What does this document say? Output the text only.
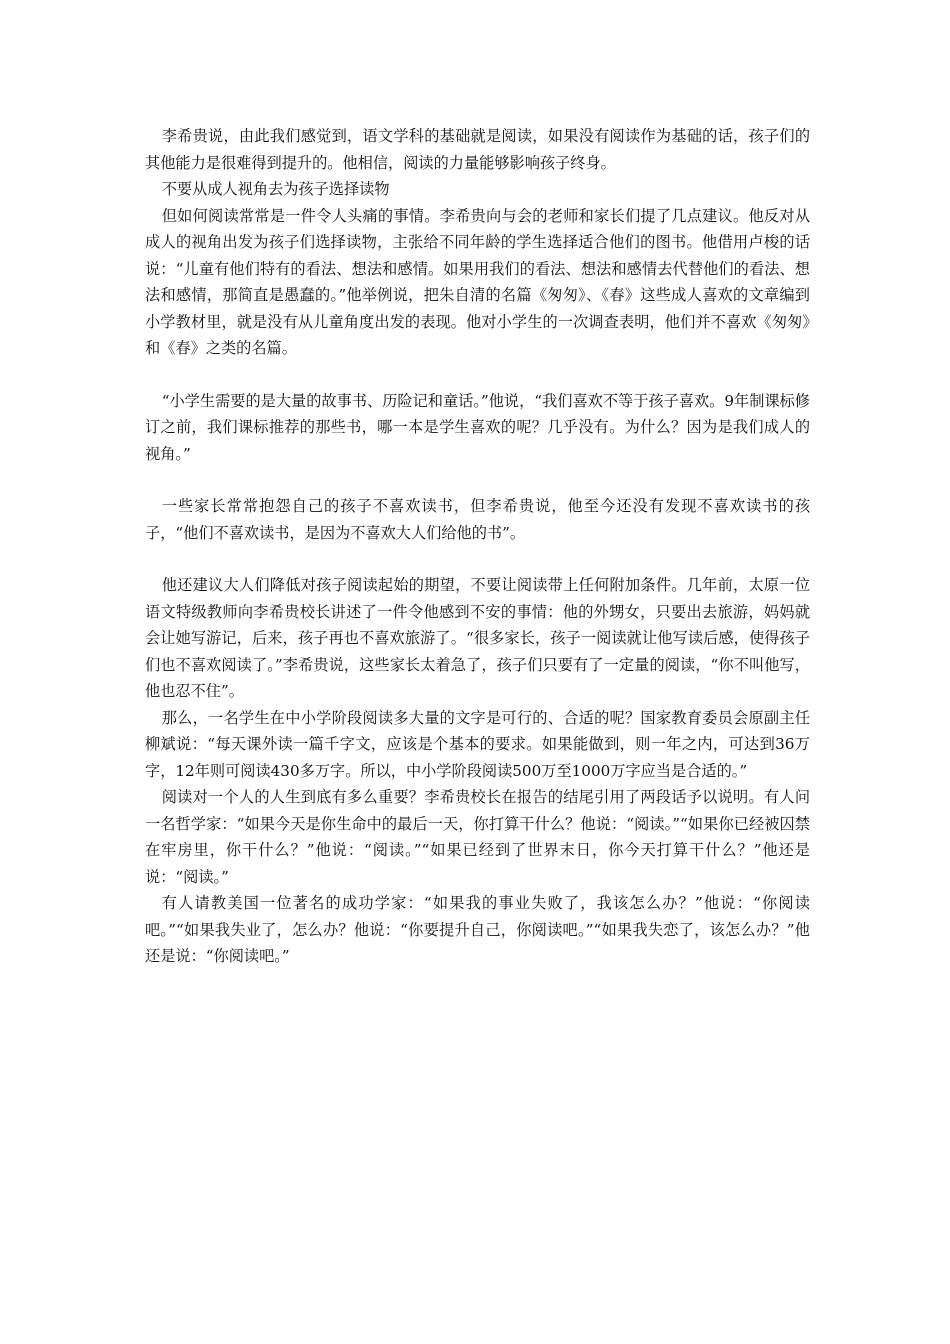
李希贵说，由此我们感觉到，语文学科的基础就是阅读，如果没有阅读作为基础的话，孩子们的其他能力是很难得到提升的。他相信，阅读的力量能够影响孩子终身。

不要从成人视角去为孩子选择读物

但如何阅读常常是一件令人头痛的事情。李希贵向与会的老师和家长们提了几点建议。他反对从成人的视角出发为孩子们选择读物，主张给不同年龄的学生选择适合他们的图书。他借用卢梭的话说：“儿童有他们特有的看法、想法和感情。如果用我们的看法、想法和感情去代替他们的看法、想法和感情，那简直是愚蠢的。”他举例说，把朱自清的名篇《匆匆》、《春》这些成人喜欢的文章编到小学教材里，就是没有从儿童角度出发的表现。他对小学生的一次调查表明，他们并不喜欢《匆匆》和《春》之类的名篇。

“小学生需要的是大量的故事书、历险记和童话。”他说，“我们喜欢不等于孩子喜欢。9年制课标修订之前，我们课标推荐的那些书，哪一本是学生喜欢的呢？几乎没有。为什么？因为是我们成人的视角。”

一些家长常常抱怨自己的孩子不喜欢读书，但李希贵说，他至今还没有发现不喜欢读书的孩子，“他们不喜欢读书，是因为不喜欢大人们给他的书”。

他还建议大人们降低对孩子阅读起始的期望，不要让阅读带上任何附加条件。几年前，太原一位语文特级教师向李希贵校长讲述了一件令他感到不安的事情：他的外甥女，只要出去旅游，妈妈就会让她写游记，后来，孩子再也不喜欢旅游了。“很多家长，孩子一阅读就让他写读后感，使得孩子们也不喜欢阅读了。”李希贵说，这些家长太着急了，孩子们只要有了一定量的阅读，“你不叫他写，他也忍不住”。

那么，一名学生在中小学阶段阅读多大量的文字是可行的、合适的呢？国家教育委员会原副主任柳斌说：“每天课外读一篇千字文，应该是个基本的要求。如果能做到，则一年之内，可达到36万字，12年则可阅读430多万字。所以，中小学阶段阅读500万至1000万字应当是合适的。”

阅读对一个人的人生到底有多么重要？李希贵校长在报告的结尾引用了两段话予以说明。有人问一名哲学家：“如果今天是你生命中的最后一天，你打算干什么？他说：“阅读。”“如果你已经被囚禁在牢房里，你干什么？”他说：“阅读。”“如果已经到了世界末日，你今天打算干什么？”他还是说：“阅读。”

有人请教美国一位著名的成功学家：“如果我的事业失败了，我该怎么办？”他说：“你阅读吧。”“如果我失业了，怎么办？他说：“你要提升自己，你阅读吧。”“如果我失恋了，该怎么办？”他还是说：“你阅读吧。”
